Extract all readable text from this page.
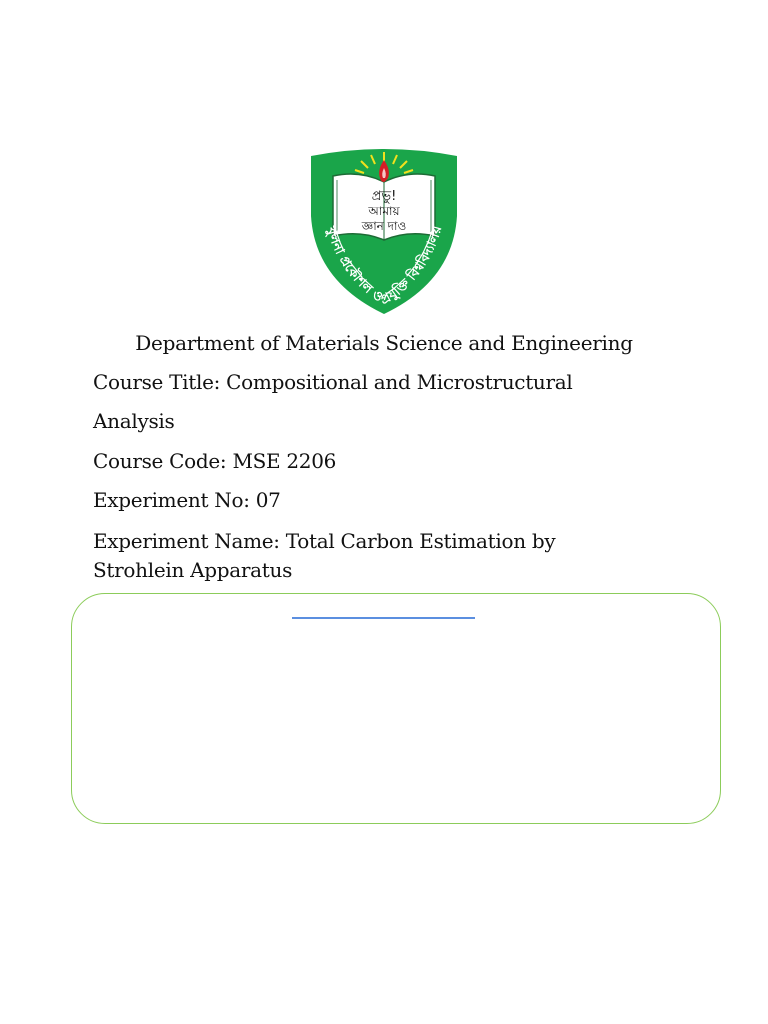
প্রভু!
আমায়
জ্ঞান দাও
খুলনা প্রকৌশল ও প্রযুক্তি বিশ্ববিদ্যালয়
Department of Materials Science and Engineering
Course Title: Compositional and Microstructural
Analysis
Course Code: MSE 2206
Experiment No: 07
Experiment Name: Total Carbon Estimation by
Strohlein Apparatus
